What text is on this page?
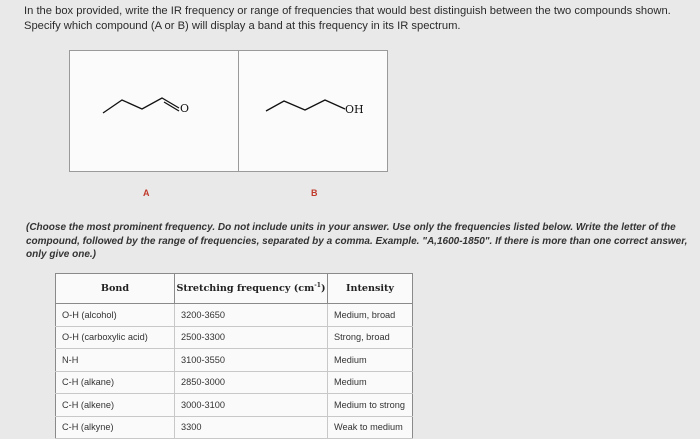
In the box provided, write the IR frequency or range of frequencies that would best distinguish between the two compounds shown. Specify which compound (A or B) will display a band at this frequency in its IR spectrum.
O	OH
A	B
(Choose the most prominent frequency. Do not include units in your answer. Use only the frequencies listed below. Write the letter of the compound, followed by the range of frequencies, separated by a comma. Example. "A,1600-1850". If there is more than one correct answer, only give one.)
Bond	Stretching frequency $(cm^{-1})$	Intensity
O-H (alcohol)	3200-3650	Medium, broad
O-H (carboxylic acid)	2500-3300	Strong, broad
N-H	3100-3550	Medium
C-H (alkane)	2850-3000	Medium
C-H (alkene)	3000-3100	Medium to strong
C-H (alkyne)	3300	Weak to medium
